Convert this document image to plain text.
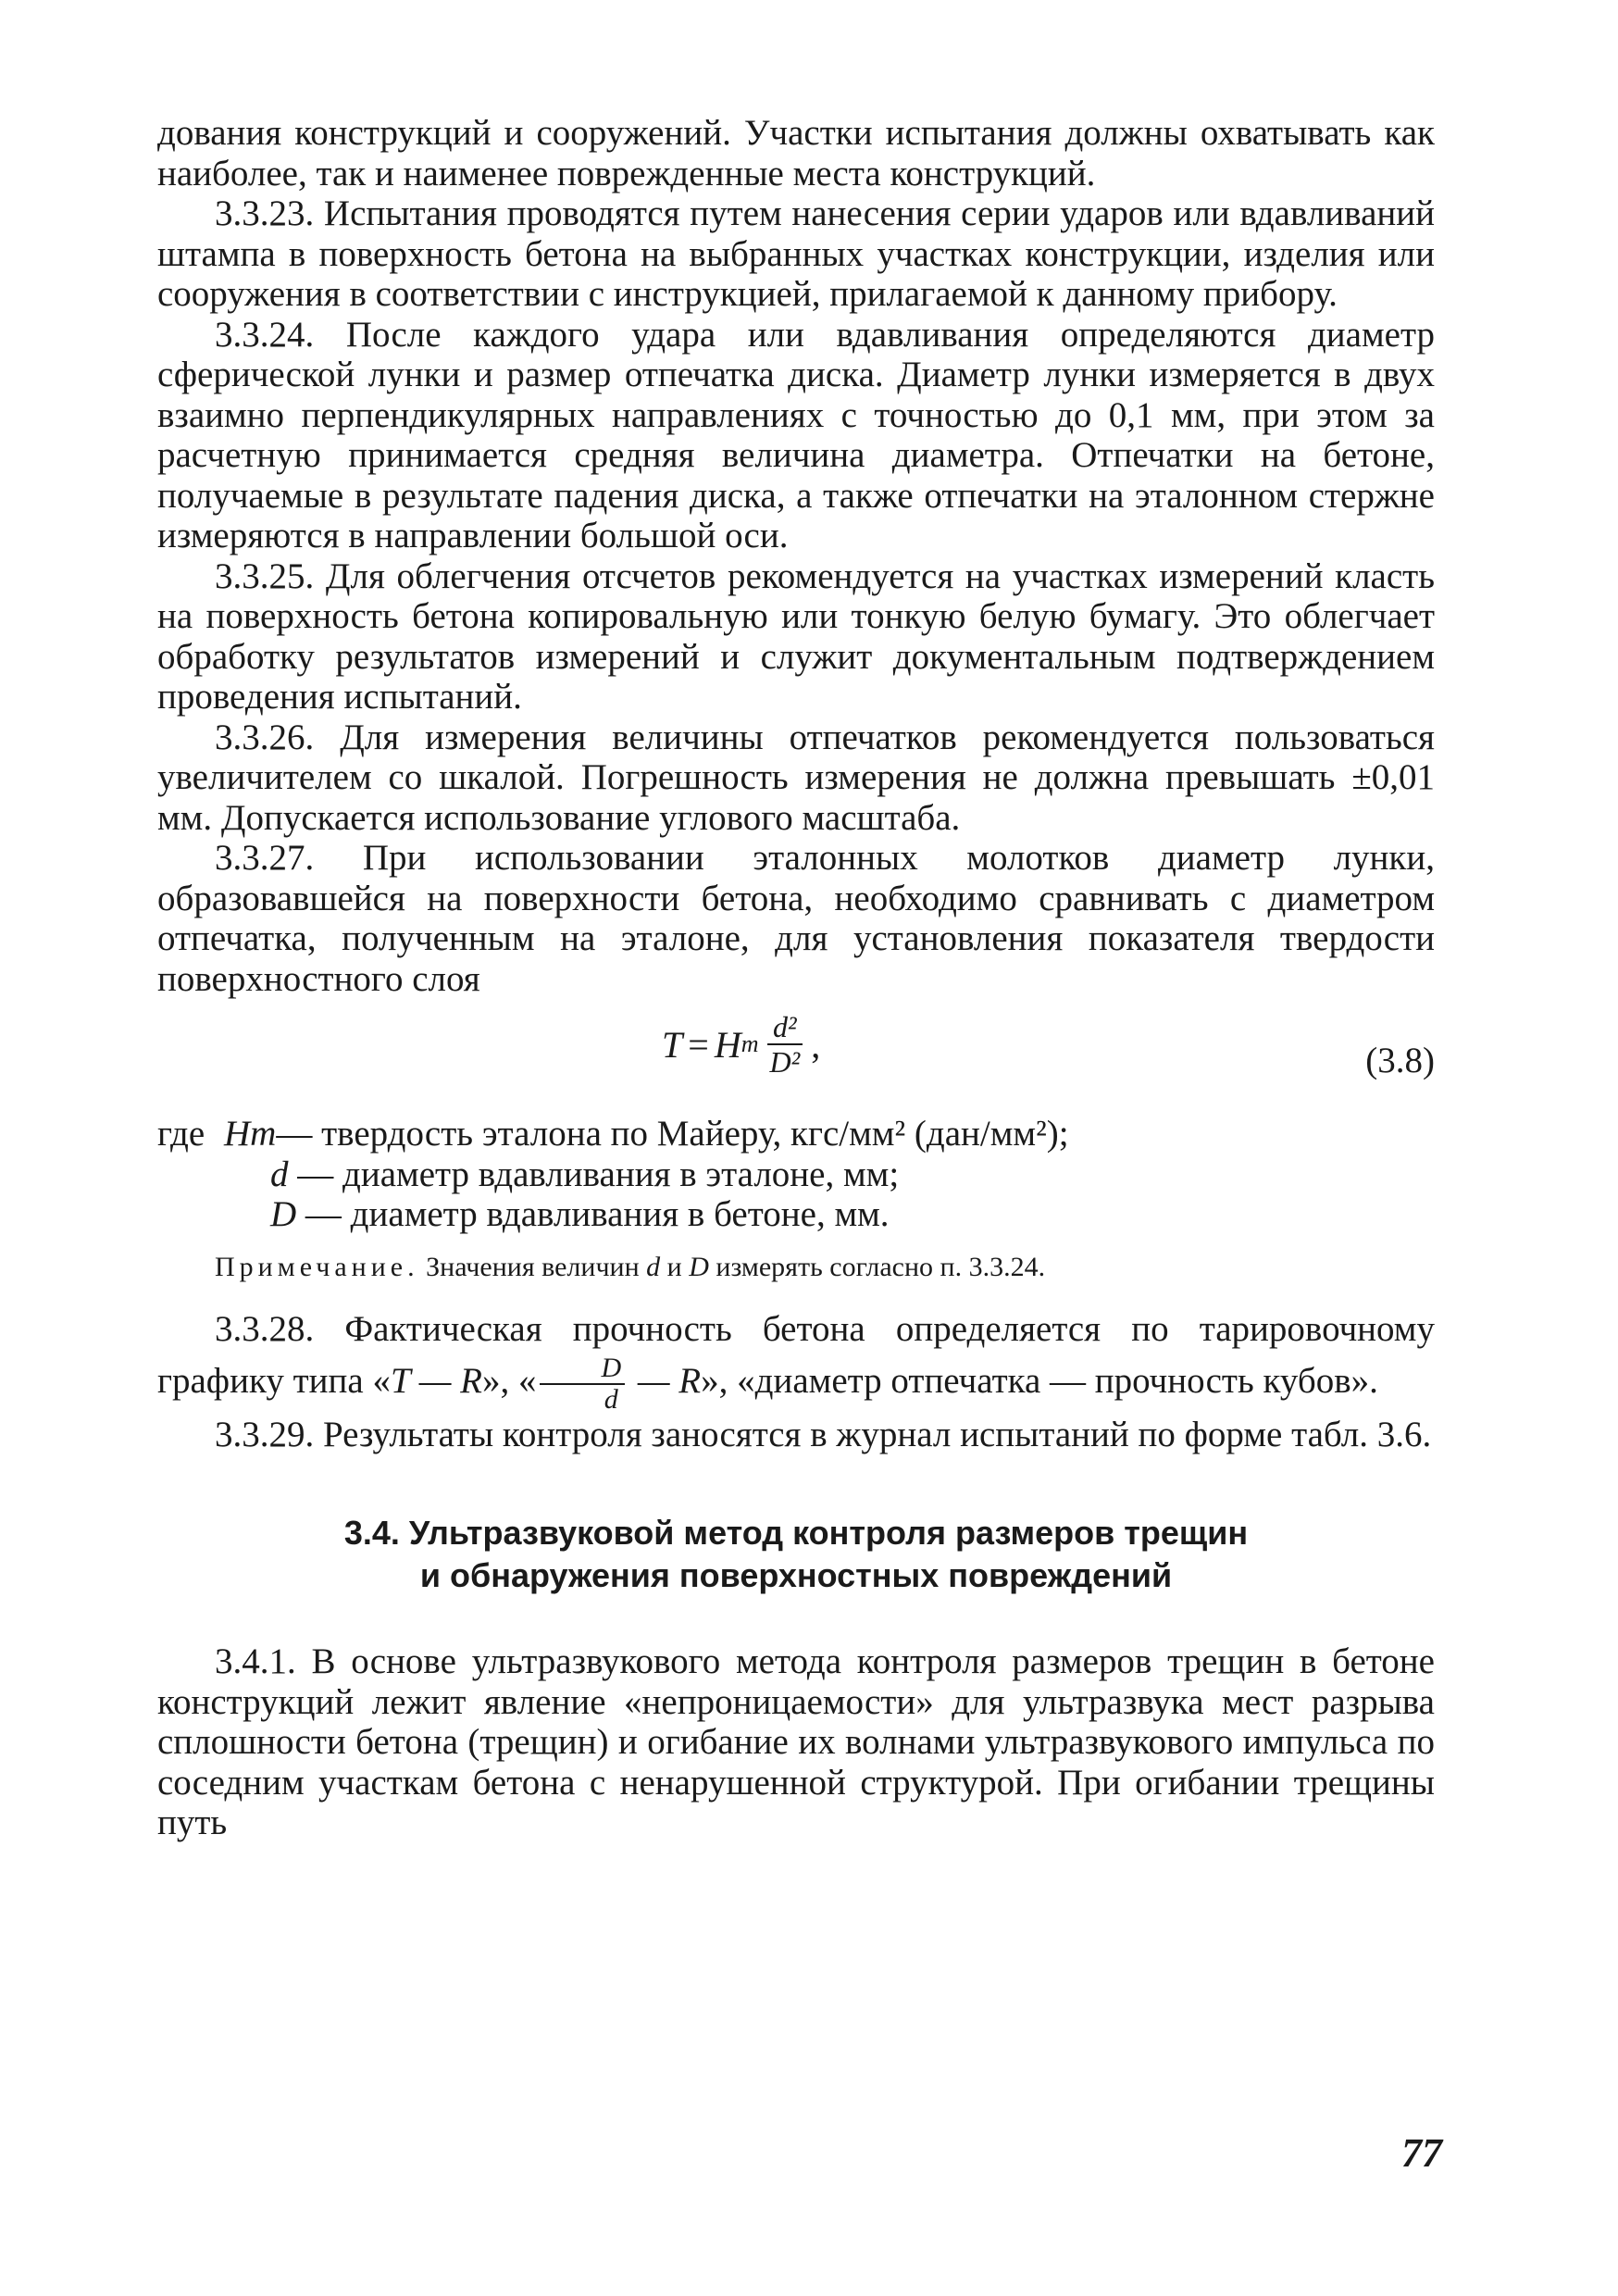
дования конструкций и сооружений. Участки испытания должны охватывать как наиболее, так и наименее поврежденные места конструкций.

3.3.23. Испытания проводятся путем нанесения серии ударов или вдавливаний штампа в поверхность бетона на выбранных участках конструкции, изделия или сооружения в соответствии с инструкцией, прилагаемой к данному прибору.

3.3.24. После каждого удара или вдавливания определяются диаметр сферической лунки и размер отпечатка диска. Диаметр лунки измеряется в двух взаимно перпендикулярных направлениях с точностью до 0,1 мм, при этом за расчетную принимается средняя величина диаметра. Отпечатки на бетоне, получаемые в результате падения диска, а также отпечатки на эталонном стержне измеряются в направлении большой оси.

3.3.25. Для облегчения отсчетов рекомендуется на участках измерений класть на поверхность бетона копировальную или тонкую белую бумагу. Это облегчает обработку результатов измерений и служит документальным подтверждением проведения испытаний.

3.3.26. Для измерения величины отпечатков рекомендуется пользоваться увеличителем со шкалой. Погрешность измерения не должна превышать ±0,01 мм. Допускается использование углового масштаба.

3.3.27. При использовании эталонных молотков диаметр лунки, образовавшейся на поверхности бетона, необходимо сравнивать с диаметром отпечатка, полученным на эталоне, для установления показателя твердости поверхностного слоя

T = H m $\frac{\text{d²}}{\text{D²}}$ ,	(3.8)
где Hm — твердость эталона по Майеру, кгс/мм² (дан/мм²);
d — диаметр вдавливания в эталоне, мм;
D — диаметр вдавливания в бетоне, мм.

Примечание. Значения величин d и D измерять согласно п. 3.3.24.

3.3.28. Фактическая прочность бетона определяется по тарировочному графику типа «T — R», « $\frac{D}{d}$ — R», «диаметр отпечатка — прочность кубов».

3.3.29. Результаты контроля заносятся в журнал испытаний по форме табл. 3.6.

3.4. Ультразвуковой метод контроля размеров трещин
и обнаружения поверхностных повреждений

3.4.1. В основе ультразвукового метода контроля размеров трещин в бетоне конструкций лежит явление «непроницаемости» для ультразвука мест разрыва сплошности бетона (трещин) и огибание их волнами ультразвукового импульса по соседним участкам бетона с ненарушенной структурой. При огибании трещины путь

77
